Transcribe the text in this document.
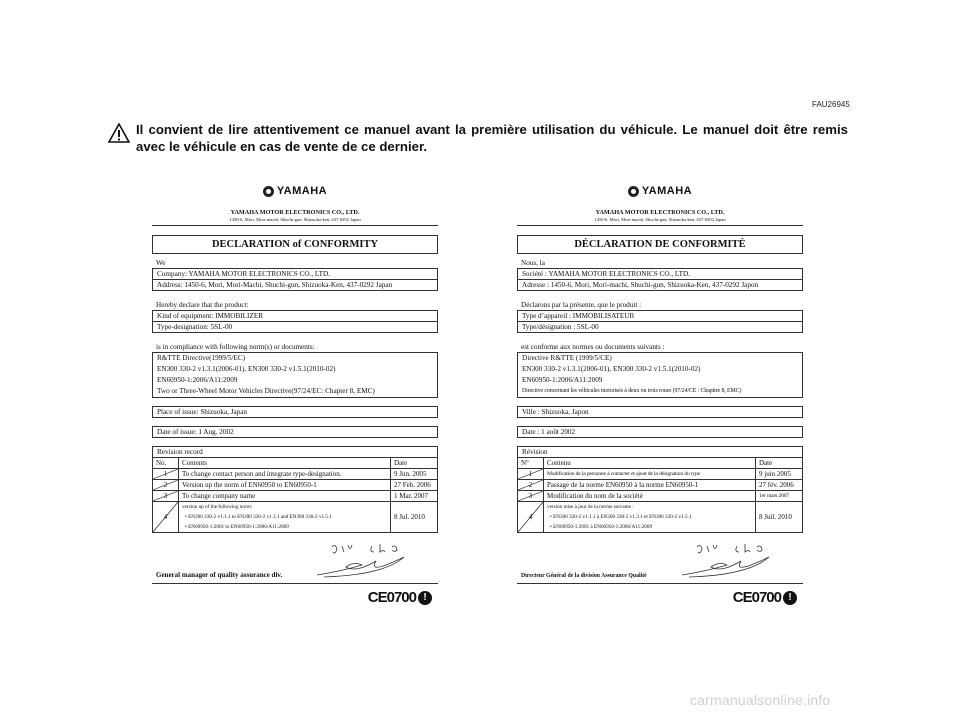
FAU26945
Il convient de lire attentivement ce manuel avant la première utilisation du véhicule. Le manuel doit être remis avec le véhicule en cas de vente de ce dernier.
YAMAHA
YAMAHA MOTOR ELECTRONICS CO., LTD.
1450-6, Mori, Mori-machi, Shuchi-gun, Shizuoka-ken, 437-0292 Japan
DECLARATION of CONFORMITY
We
Company: YAMAHA MOTOR ELECTRONICS CO., LTD.
Address: 1450-6, Mori, Mori-Machi, Shuchi-gun, Shizuoka-Ken, 437-0292 Japan
Hereby declare that the product:
Kind of equipment: IMMOBILIZER
Type-designation: 5SL-00
is in compliance with following norm(s) or documents:
R&TTE Directive(1999/5/EC)
EN300 330-2 v1.3.1(2006-01), EN300 330-2 v1.5.1(2010-02)
EN60950-1:2006/A11:2009
Two or Three-Wheel Motor Vehicles Directive(97/24/EC: Chapter 8, EMC)
Place of issue: Shizuoka, Japan
Date of issue: 1 Aug. 2002
Revision record
No.	Contents	Date

1	To change contact person and integrate type-designation.	9 Jun. 2005

2	Version up the norm of EN60950 to EN60950-1	27 Feb. 2006

3	To change company name	1 Mar. 2007

4	version up of the following norm:
• EN300 330-2 v1.1.1 to EN300 330-2 v1.3.1 and EN300 330-2 v1.5.1
• EN60950-1:2001 to EN60950-1:2006/A11:2009	8 Jul. 2010
General manager of quality assurance div.
CE0700 !
YAMAHA
YAMAHA MOTOR ELECTRONICS CO., LTD.
1450-6, Mori, Mori-machi, Shuchi-gun, Shizuoka-ken, 437-0292 Japan
DÉCLARATION DE CONFORMITÉ
Nous, la
Société : YAMAHA MOTOR ELECTRONICS CO., LTD.
Adresse : 1450-6, Mori, Mori-machi, Shuchi-gun, Shizuoka-Ken, 437-0292 Japon
Déclarons par la présente, que le produit :
Type d’appareil : IMMOBILISATEUR
Type/désignation : 5SL-00
est conforme aux normes ou documents suivants :
Directive R&TTE (1999/5/CE)
EN300 330-2 v1.3.1(2006-01), EN300 330-2 v1.5.1(2010-02)
EN60950-1:2006/A11:2009
Directive concernant les véhicules motorisés à deux ou trois roues (97/24/CE : Chapitre 8, EMC)
Ville : Shizuoka, Japon
Date : 1 août 2002
Révision
N°	Contenu	Date

1	Modification de la personne à contacter et ajout de la désignation du type	9 juin 2005

2	Passage de la norme EN60950 à la norme EN60950-1	27 fév. 2006

3	Modification du nom de la société	1er mars 2007

4	version mise à jour de la norme suivante :
• EN300 330-2 v1.1.1 à EN300 330-2 v1.3.1 et EN300 330-2 v1.5.1
• EN60950-1:2001 à EN60950-1:2006/A11:2009	8 Juil. 2010
Directeur Général de la division Assurance Qualité
CE0700 !
carmanualsonline.info
